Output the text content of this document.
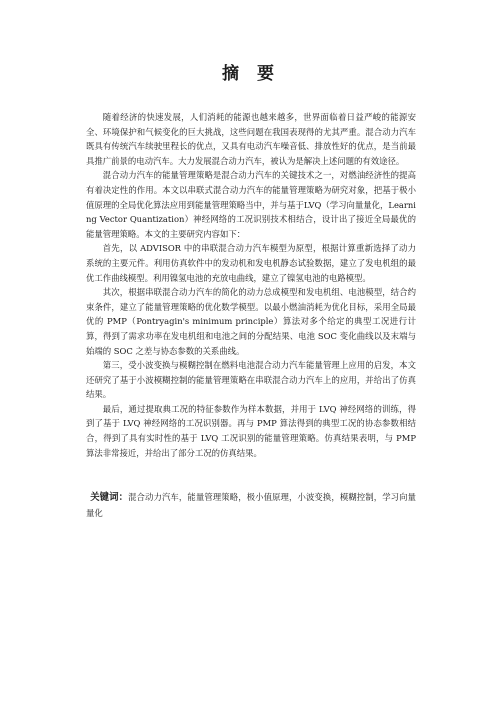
摘 要

随着经济的快速发展，人们消耗的能源也越来越多，世界面临着日益严峻的能源安全、环境保护和气候变化的巨大挑战，这些问题在我国表现得的尤其严重。混合动力汽车既具有传统汽车续驶里程长的优点，又具有电动汽车噪音低、排放性好的优点，是当前最具推广前景的电动汽车。大力发展混合动力汽车，被认为是解决上述问题的有效途径。

混合动力汽车的能量管理策略是混合动力汽车的关键技术之一，对燃油经济性的提高有着决定性的作用。本文以串联式混合动力汽车的能量管理策略为研究对象，把基于极小值原理的全局优化算法应用到能量管理策略当中，并与基于LVQ（学习向量量化，Learning Vector Quantization）神经网络的工况识别技术相结合，设计出了接近全局最优的能量管理策略。本文的主要研究内容如下：

首先，以 ADVISOR 中的串联混合动力汽车模型为原型，根据计算重新选择了动力系统的主要元件。利用仿真软件中的发动机和发电机静态试验数据，建立了发电机组的最优工作曲线模型。利用镍氢电池的充放电曲线，建立了镍氢电池的电路模型。

其次，根据串联混合动力汽车的简化的动力总成模型和发电机组、电池模型，结合约束条件，建立了能量管理策略的优化数学模型。以最小燃油消耗为优化目标，采用全局最优的 PMP（Pontryagin's minimum principle）算法对多个给定的典型工况进行计算，得到了需求功率在发电机组和电池之间的分配结果、电池 SOC 变化曲线以及末端与始端的 SOC 之差与协态参数的关系曲线。

第三，受小波变换与模糊控制在燃料电池混合动力汽车能量管理上应用的启发，本文还研究了基于小波模糊控制的能量管理策略在串联混合动力汽车上的应用，并给出了仿真结果。

最后，通过提取典工况的特征参数作为样本数据，并用于 LVQ 神经网络的训练，得到了基于 LVQ 神经网络的工况识别器。再与 PMP 算法得到的典型工况的协态参数相结合，得到了具有实时性的基于 LVQ 工况识别的能量管理策略。仿真结果表明，与 PMP 算法非常接近，并给出了部分工况的仿真结果。

关键词：混合动力汽车，能量管理策略，极小值原理，小波变换，模糊控制，学习向量量化
